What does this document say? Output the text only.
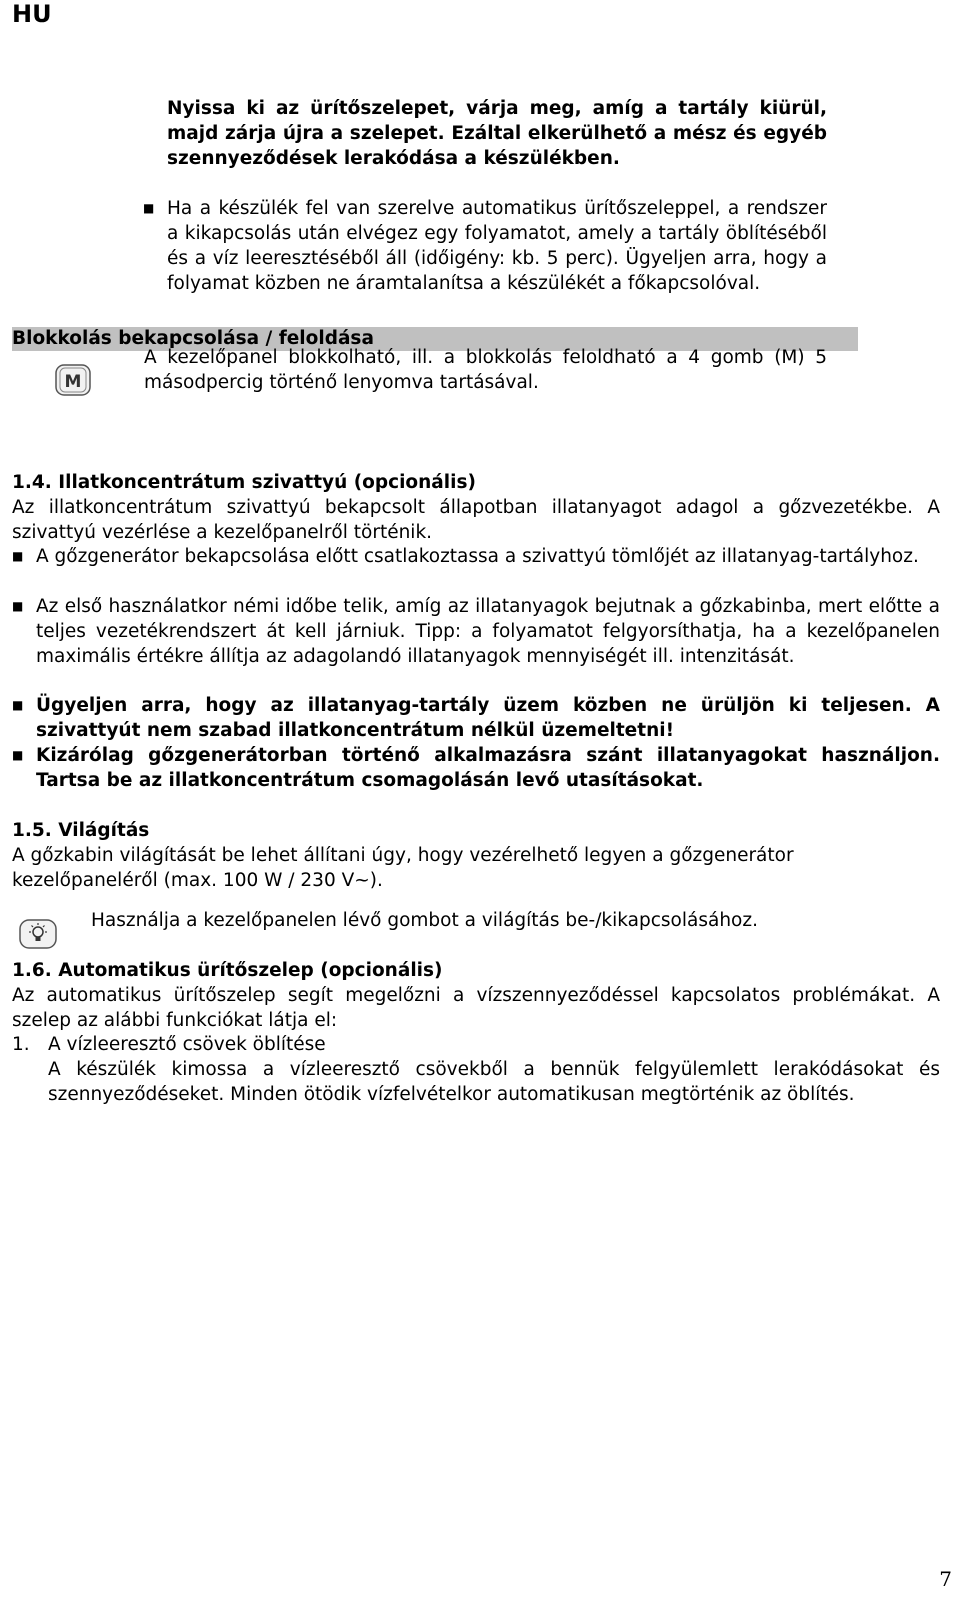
HU

Nyissa ki az ürítőszelepet, várja meg, amíg a tartály kiürül, majd zárja újra a szelepet. Ezáltal elkerülhető a mész és egyéb szennyeződések lerakódása a készülékben.

■ Ha a készülék fel van szerelve automatikus ürítőszeleppel, a rendszer a kikapcsolás után elvégez egy folyamatot, amely a tartály öblítéséből és a víz leeresztéséből áll (időigény: kb. 5 perc). Ügyeljen arra, hogy a folyamat közben ne áramtalanítsa a készülékét a főkapcsolóval.

Blokkolás bekapcsolása / feloldása
M

A kezelőpanel blokkolható, ill. a blokkolás feloldható a 4 gomb (M) 5 másodpercig történő lenyomva tartásával.

1.4. Illatkoncentrátum szivattyú (opcionális)

Az illatkoncentrátum szivattyú bekapcsolt állapotban illatanyagot adagol a gőzvezetékbe. A szivattyú vezérlése a kezelőpanelről történik.

■ A gőzgenerátor bekapcsolása előtt csatlakoztassa a szivattyú tömlőjét az illatanyag-tartályhoz.

■ Az első használatkor némi időbe telik, amíg az illatanyagok bejutnak a gőzkabinba, mert előtte a teljes vezetékrendszert át kell járniuk. Tipp: a folyamatot felgyorsíthatja, ha a kezelőpanelen maximális értékre állítja az adagolandó illatanyagok mennyiségét ill. intenzitását.

■ Ügyeljen arra, hogy az illatanyag-tartály üzem közben ne ürüljön ki teljesen. A szivattyút nem szabad illatkoncentrátum nélkül üzemeltetni!

■ Kizárólag gőzgenerátorban történő alkalmazásra szánt illatanyagokat használjon. Tartsa be az illatkoncentrátum csomagolásán levő utasításokat.

1.5. Világítás

A gőzkabin világítását be lehet állítani úgy, hogy vezérelhető legyen a gőzgenerátor kezelőpaneléről (max. 100 W / 230 V~).

Használja a kezelőpanelen lévő gombot a világítás be-/kikapcsolásához.

1.6. Automatikus ürítőszelep (opcionális)

Az automatikus ürítőszelep segít megelőzni a vízszennyeződéssel kapcsolatos problémákat. A szelep az alábbi funkciókat látja el:

1. A vízleeresztő csövek öblítése

A készülék kimossa a vízleeresztő csövekből a bennük felgyülemlett lerakódásokat és szennyeződéseket. Minden ötödik vízfelvételkor automatikusan megtörténik az öblítés.

7
